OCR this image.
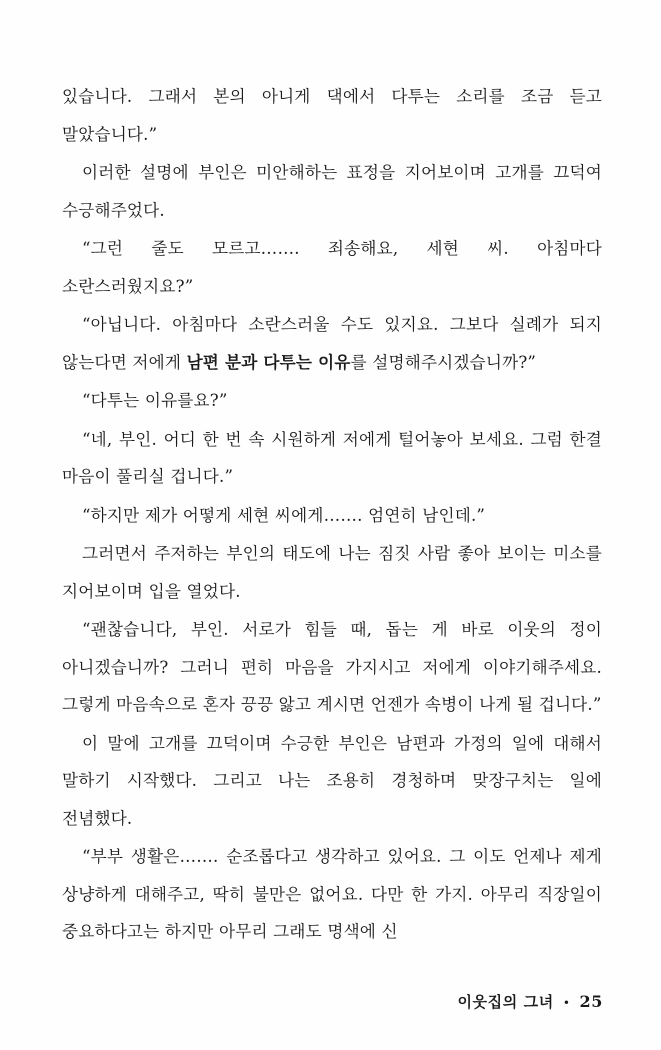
있습니다. 그래서 본의 아니게 댁에서 다투는 소리를 조금 듣고 말았습니다.”

이러한 설명에 부인은 미안해하는 표정을 지어보이며 고개를 끄덕여 수긍해주었다.

“그런 줄도 모르고……. 죄송해요, 세현 씨. 아침마다 소란스러웠지요?”

“아닙니다. 아침마다 소란스러울 수도 있지요. 그보다 실례가 되지 않는다면 저에게 남편 분과 다투는 이유를 설명해주시겠습니까?”

“다투는 이유를요?”

“네, 부인. 어디 한 번 속 시원하게 저에게 털어놓아 보세요. 그럼 한결 마음이 풀리실 겁니다.”

“하지만 제가 어떻게 세현 씨에게……. 엄연히 남인데.”

그러면서 주저하는 부인의 태도에 나는 짐짓 사람 좋아 보이는 미소를 지어보이며 입을 열었다.

“괜찮습니다, 부인. 서로가 힘들 때, 돕는 게 바로 이웃의 정이 아니겠습니까? 그러니 편히 마음을 가지시고 저에게 이야기해주세요. 그렇게 마음속으로 혼자 끙끙 앓고 계시면 언젠가 속병이 나게 될 겁니다.”

이 말에 고개를 끄덕이며 수긍한 부인은 남편과 가정의 일에 대해서 말하기 시작했다. 그리고 나는 조용히 경청하며 맞장구치는 일에 전념했다.

“부부 생활은……. 순조롭다고 생각하고 있어요. 그 이도 언제나 제게 상냥하게 대해주고, 딱히 불만은 없어요. 다만 한 가지. 아무리 직장일이 중요하다고는 하지만 아무리 그래도 명색에 신

이웃집의 그녀 • 25
